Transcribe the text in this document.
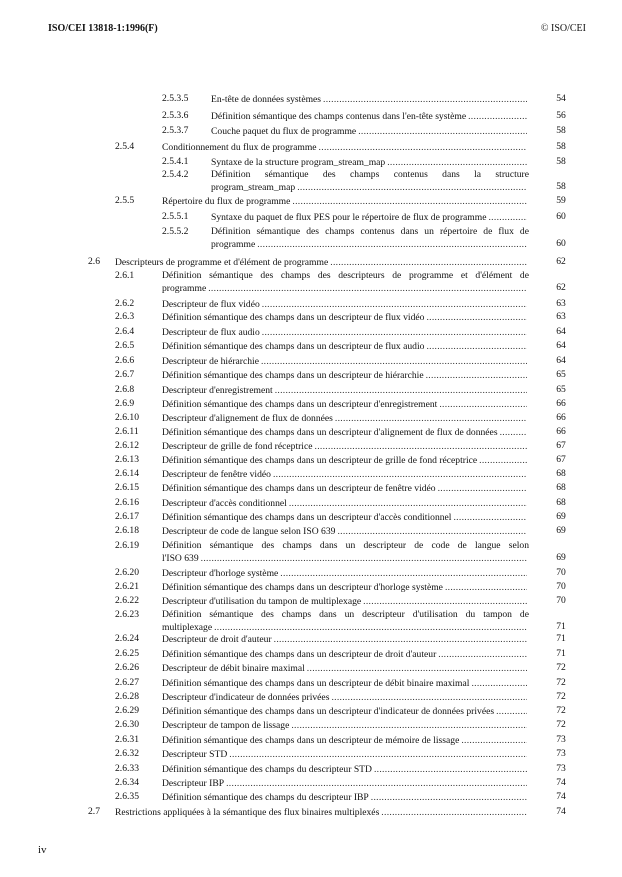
ISO/CEI 13818-1:1996(F)	© ISO/CEI
2.5.3.5 En-tête de données systèmes .....	54
2.5.3.6 Définition sémantique des champs contenus dans l'en-tête système .....	56
2.5.3.7 Couche paquet du flux de programme .....	58
2.5.4	Conditionnement du flux de programme .....	58
2.5.4.1 Syntaxe de la structure program_stream_map .....	58
2.5.4.2 Définition sémantique des champs contenus dans la structure
program_stream_map .....	58
2.5.5	Répertoire du flux de programme .....	59
2.5.5.1 Syntaxe du paquet de flux PES pour le répertoire de flux de programme .....	60
2.5.5.2 Définition sémantique des champs contenus dans un répertoire de flux de
programme .....	60
2.6 Descripteurs de programme et d'élément de programme .....	62
2.6.1	Définition sémantique des champs des descripteurs de programme et d'élément de
programme .....	62
2.6.2	Descripteur de flux vidéo .....	63
2.6.3	Définition sémantique des champs dans un descripteur de flux vidéo .....	63
2.6.4	Descripteur de flux audio .....	64
2.6.5	Définition sémantique des champs dans un descripteur de flux audio .....	64
2.6.6	Descripteur de hiérarchie .....	64
2.6.7	Définition sémantique des champs dans un descripteur de hiérarchie .....	65
2.6.8	Descripteur d'enregistrement .....	65
2.6.9	Définition sémantique des champs dans un descripteur d'enregistrement .....	66
2.6.10 Descripteur d'alignement de flux de données .....	66
2.6.11 Définition sémantique des champs dans un descripteur d'alignement de flux de données .....	66
2.6.12 Descripteur de grille de fond réceptrice .....	67
2.6.13 Définition sémantique des champs dans un descripteur de grille de fond réceptrice .....	67
2.6.14 Descripteur de fenêtre vidéo .....	68
2.6.15 Définition sémantique des champs dans un descripteur de fenêtre vidéo .....	68
2.6.16 Descripteur d'accès conditionnel .....	68
2.6.17 Définition sémantique des champs dans un descripteur d'accès conditionnel .....	69
2.6.18 Descripteur de code de langue selon ISO 639 .....	69
2.6.19 Définition sémantique des champs dans un descripteur de code de langue selon
l'ISO 639 .....	69
2.6.20 Descripteur d'horloge système .....	70
2.6.21 Définition sémantique des champs dans un descripteur d'horloge système .....	70
2.6.22 Descripteur d'utilisation du tampon de multiplexage .....	70
2.6.23 Définition sémantique des champs dans un descripteur d'utilisation du tampon de
multiplexage .....	71
2.6.24 Descripteur de droit d'auteur .....	71
2.6.25 Définition sémantique des champs dans un descripteur de droit d'auteur .....	71
2.6.26 Descripteur de débit binaire maximal .....	72
2.6.27 Définition sémantique des champs dans un descripteur de débit binaire maximal .....	72
2.6.28 Descripteur d'indicateur de données privées .....	72
2.6.29 Définition sémantique des champs dans un descripteur d'indicateur de données privées .....	72
2.6.30 Descripteur de tampon de lissage .....	72
2.6.31 Définition sémantique des champs dans un descripteur de mémoire de lissage .....	73
2.6.32 Descripteur STD .....	73
2.6.33 Définition sémantique des champs du descripteur STD .....	73
2.6.34 Descripteur IBP .....	74
2.6.35 Définition sémantique des champs du descripteur IBP .....	74
2.7 Restrictions appliquées à la sémantique des flux binaires multiplexés .....	74
iv
